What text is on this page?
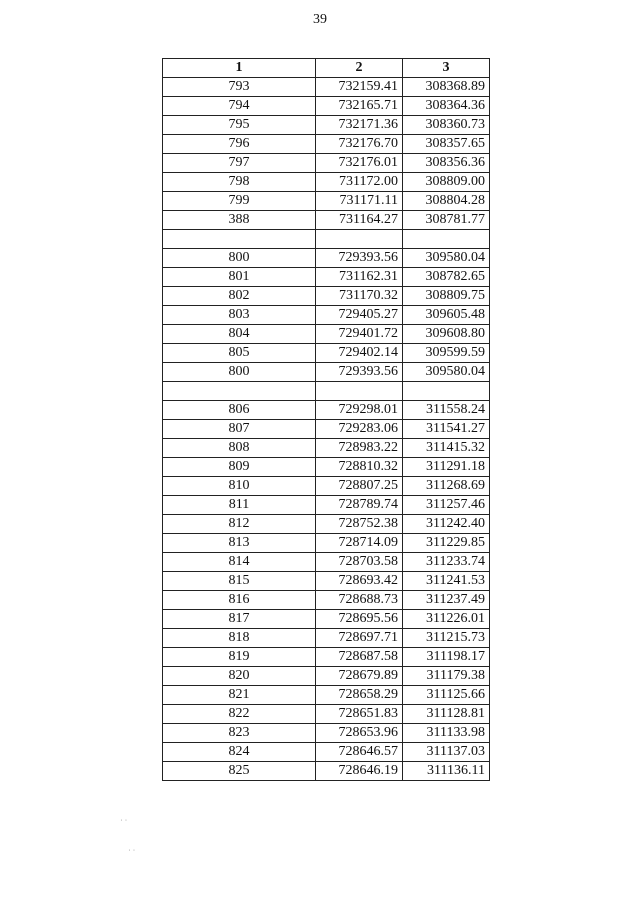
39
1	2	3
793	732159.41	308368.89
794	732165.71	308364.36
795	732171.36	308360.73
796	732176.70	308357.65
797	732176.01	308356.36
798	731172.00	308809.00
799	731171.11	308804.28
388	731164.27	308781.77

800	729393.56	309580.04
801	731162.31	308782.65
802	731170.32	308809.75
803	729405.27	309605.48
804	729401.72	309608.80
805	729402.14	309599.59
800	729393.56	309580.04

806	729298.01	311558.24
807	729283.06	311541.27
808	728983.22	311415.32
809	728810.32	311291.18
810	728807.25	311268.69
811	728789.74	311257.46
812	728752.38	311242.40
813	728714.09	311229.85
814	728703.58	311233.74
815	728693.42	311241.53
816	728688.73	311237.49
817	728695.56	311226.01
818	728697.71	311215.73
819	728687.58	311198.17
820	728679.89	311179.38
821	728658.29	311125.66
822	728651.83	311128.81
823	728653.96	311133.98
824	728646.57	311137.03
825	728646.19	311136.11
˙ ˙
˙ ˙
